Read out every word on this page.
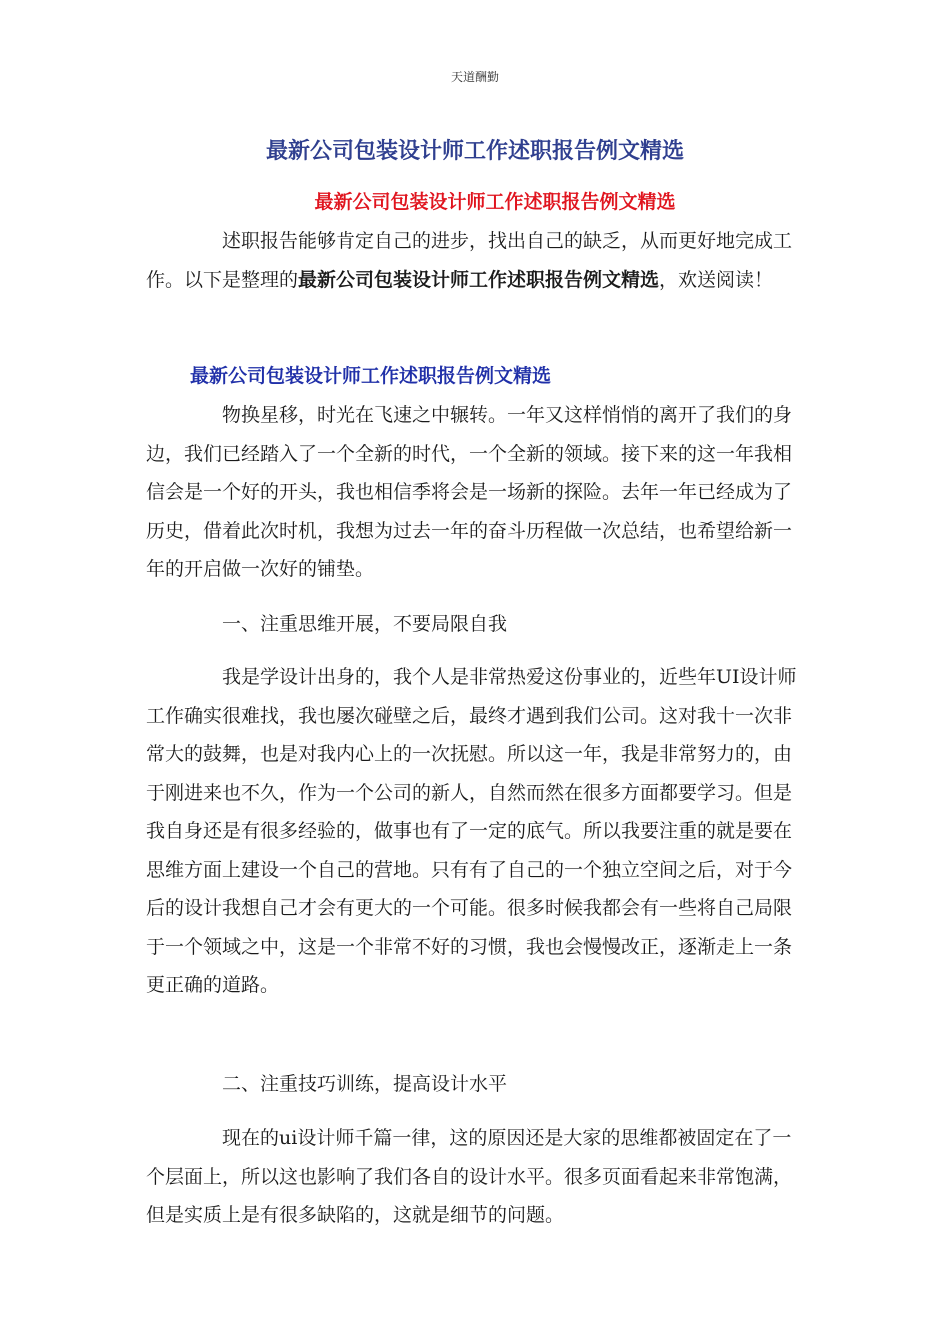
天道酬勤
最新公司包装设计师工作述职报告例文精选
最新公司包装设计师工作述职报告例文精选

述职报告能够肯定自己的进步，找出自己的缺乏，从而更好地完成工作。以下是整理的最新公司包装设计师工作述职报告例文精选，欢送阅读！

最新公司包装设计师工作述职报告例文精选

物换星移，时光在飞速之中辗转。一年又这样悄悄的离开了我们的身边，我们已经踏入了一个全新的时代，一个全新的领域。接下来的这一年我相信会是一个好的开头，我也相信季将会是一场新的探险。去年一年已经成为了历史，借着此次时机，我想为过去一年的奋斗历程做一次总结，也希望给新一年的开启做一次好的铺垫。

一、注重思维开展，不要局限自我

我是学设计出身的，我个人是非常热爱这份事业的，近些年UI设计师工作确实很难找，我也屡次碰壁之后，最终才遇到我们公司。这对我十一次非常大的鼓舞，也是对我内心上的一次抚慰。所以这一年，我是非常努力的，由于刚进来也不久，作为一个公司的新人，自然而然在很多方面都要学习。但是我自身还是有很多经验的，做事也有了一定的底气。所以我要注重的就是要在思维方面上建设一个自己的营地。只有有了自己的一个独立空间之后，对于今后的设计我想自己才会有更大的一个可能。很多时候我都会有一些将自己局限于一个领域之中，这是一个非常不好的习惯，我也会慢慢改正，逐渐走上一条更正确的道路。

二、注重技巧训练，提高设计水平

现在的ui设计师千篇一律，这的原因还是大家的思维都被固定在了一个层面上，所以这也影响了我们各自的设计水平。很多页面看起来非常饱满，但是实质上是有很多缺陷的，这就是细节的问题。
